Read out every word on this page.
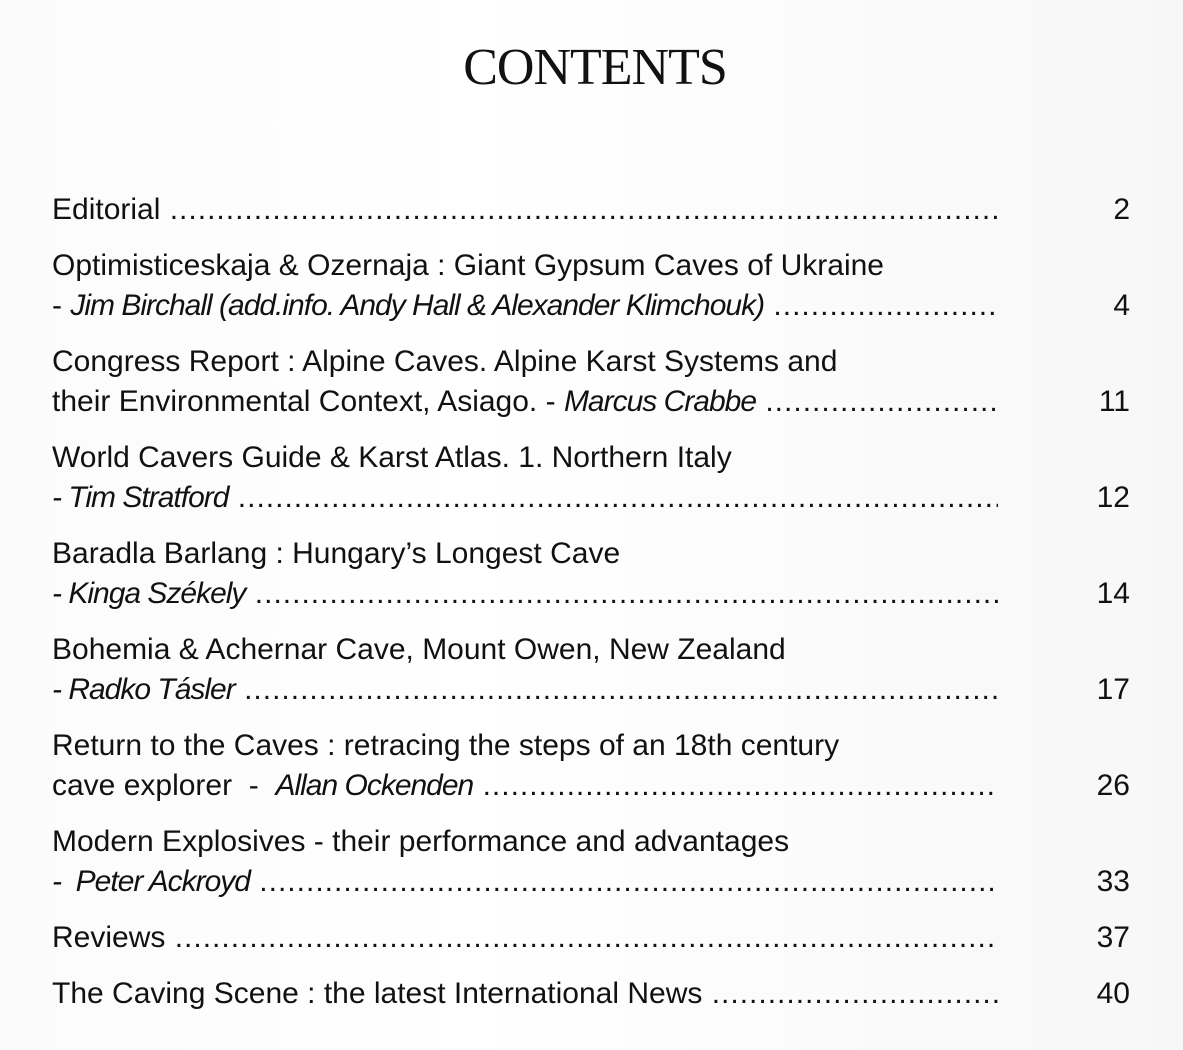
CONTENTS
Editorial .....	2
Optimisticeskaja & Ozernaja : Giant Gypsum Caves of Ukraine
- Jim Birchall (add.info. Andy Hall & Alexander Klimchouk) .....	4
Congress Report : Alpine Caves. Alpine Karst Systems and
their Environmental Context, Asiago. - Marcus Crabbe .....	11
World Cavers Guide & Karst Atlas. 1. Northern Italy
- Tim Stratford .....	12
Baradla Barlang : Hungary’s Longest Cave
- Kinga Székely .....	14
Bohemia & Achernar Cave, Mount Owen, New Zealand
- Radko Tásler .....	17
Return to the Caves : retracing the steps of an 18th century
cave explorer  -  Allan Ockenden .....	26
Modern Explosives - their performance and advantages
-  Peter Ackroyd .....	33
Reviews .....	37
The Caving Scene : the latest International News .....	40
